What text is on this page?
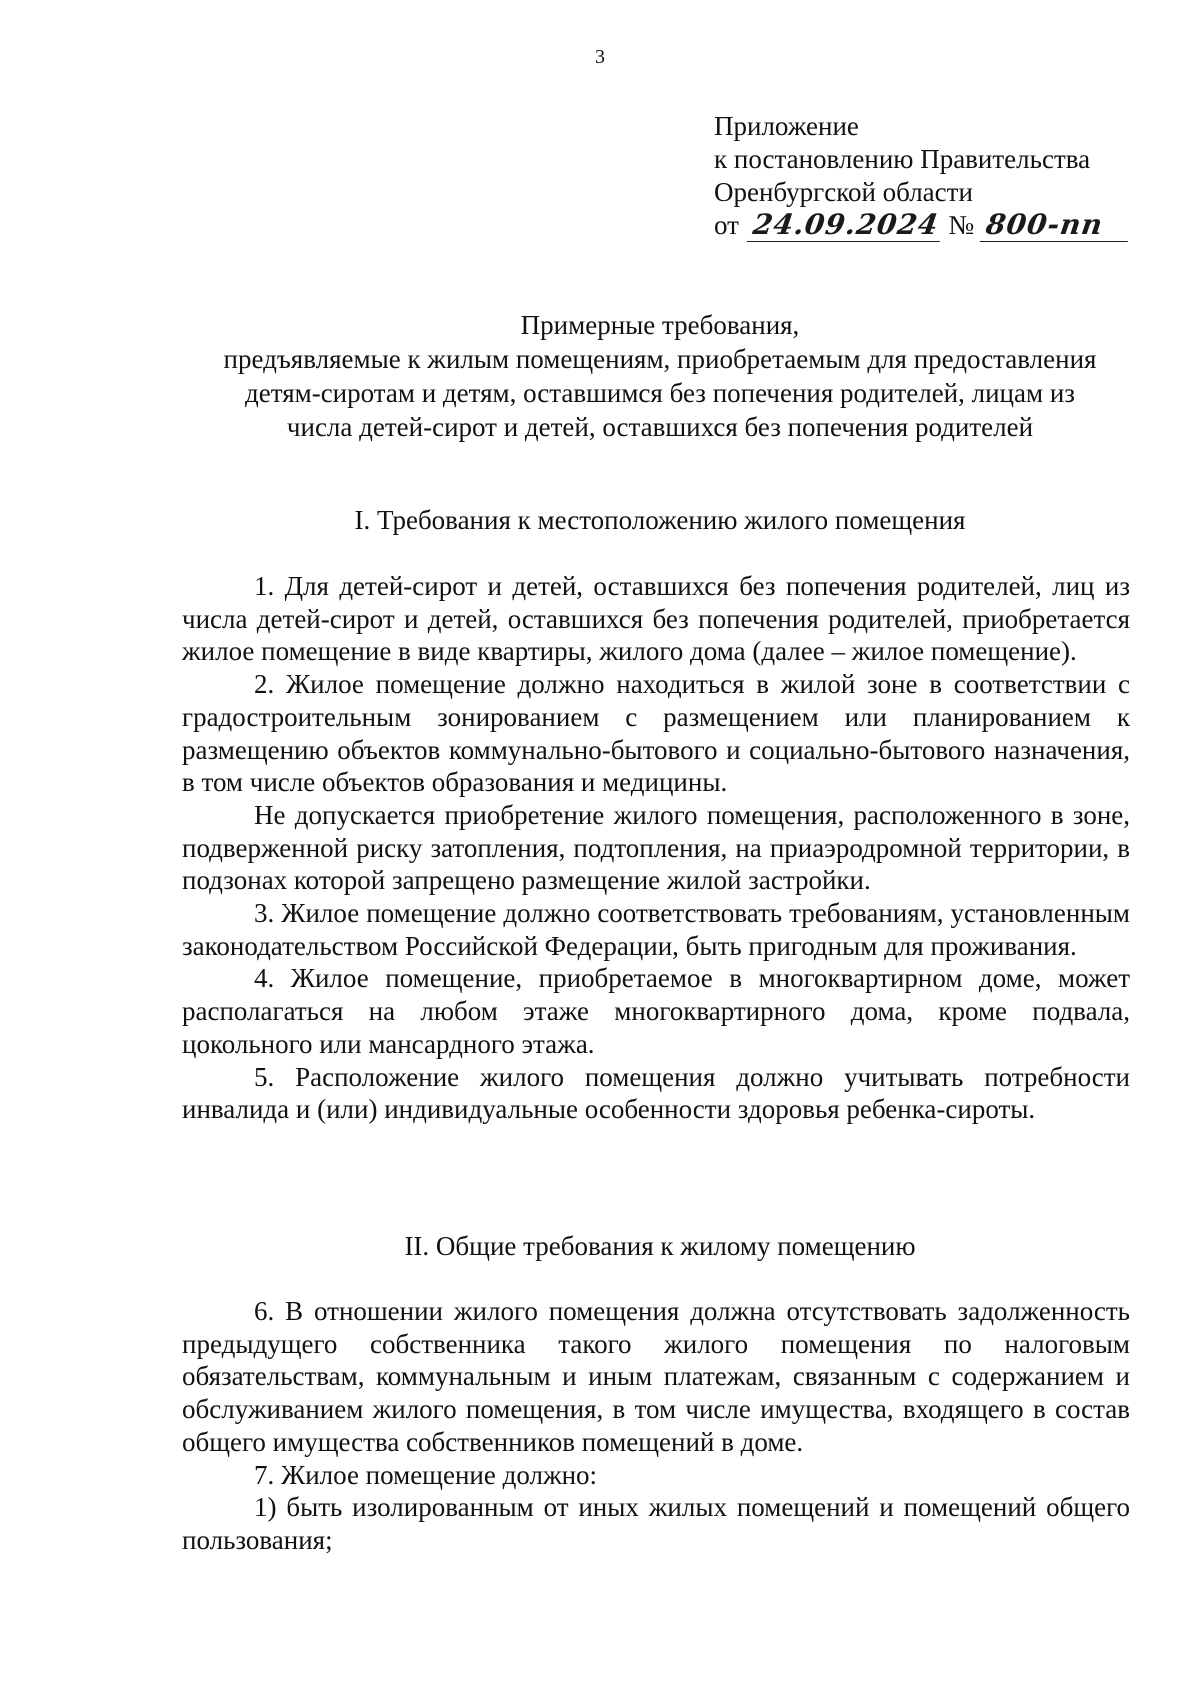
3
Приложение
к постановлению Правительства
Оренбургской области
от 24.09.2024 № 800-пп
Примерные требования,
предъявляемые к жилым помещениям, приобретаемым для предоставления
детям-сиротам и детям, оставшимся без попечения родителей, лицам из
числа детей-сирот и детей, оставшихся без попечения родителей
I. Требования к местоположению жилого помещения

1. Для детей-сирот и детей, оставшихся без попечения родителей, лиц из числа детей-сирот и детей, оставшихся без попечения родителей, приобретается жилое помещение в виде квартиры, жилого дома (далее – жилое помещение).

2. Жилое помещение должно находиться в жилой зоне в соответствии с градостроительным зонированием с размещением или планированием к размещению объектов коммунально-бытового и социально-бытового назначения, в том числе объектов образования и медицины.

Не допускается приобретение жилого помещения, расположенного в зоне, подверженной риску затопления, подтопления, на приаэродромной территории, в подзонах которой запрещено размещение жилой застройки.

3. Жилое помещение должно соответствовать требованиям, установленным законодательством Российской Федерации, быть пригодным для проживания.

4. Жилое помещение, приобретаемое в многоквартирном доме, может располагаться на любом этаже многоквартирного дома, кроме подвала, цокольного или мансардного этажа.

5. Расположение жилого помещения должно учитывать потребности инвалида и (или) индивидуальные особенности здоровья ребенка-сироты.

II. Общие требования к жилому помещению

6. В отношении жилого помещения должна отсутствовать задолженность предыдущего собственника такого жилого помещения по налоговым обязательствам, коммунальным и иным платежам, связанным с содержанием и обслуживанием жилого помещения, в том числе имущества, входящего в состав общего имущества собственников помещений в доме.

7. Жилое помещение должно:

1) быть изолированным от иных жилых помещений и помещений общего пользования;
